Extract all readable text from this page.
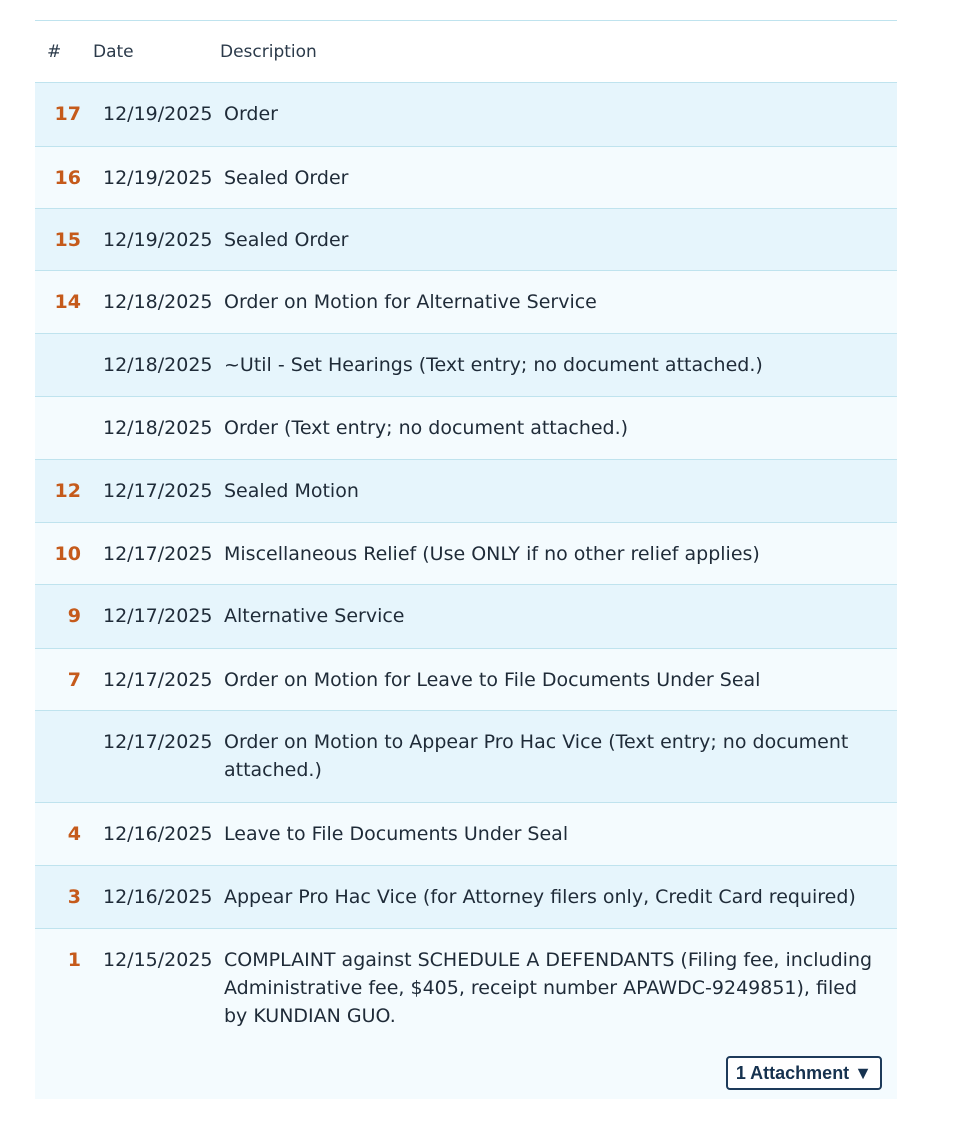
#	Date	Description
17	12/19/2025 Order
16	12/19/2025 Sealed Order
15	12/19/2025 Sealed Order
14	12/18/2025 Order on Motion for Alternative Service
12/18/2025 ~Util - Set Hearings (Text entry; no document attached.)
12/18/2025 Order (Text entry; no document attached.)
12	12/17/2025 Sealed Motion
10	12/17/2025 Miscellaneous Relief (Use ONLY if no other relief applies)
9	12/17/2025 Alternative Service
7	12/17/2025 Order on Motion for Leave to File Documents Under Seal
12/17/2025 Order on Motion to Appear Pro Hac Vice (Text entry; no document attached.)
4	12/16/2025 Leave to File Documents Under Seal
3	12/16/2025 Appear Pro Hac Vice (for Attorney filers only, Credit Card required)
1	12/15/2025 COMPLAINT against SCHEDULE A DEFENDANTS (Filing fee, including Administrative fee, $405, receipt number APAWDC-9249851), filed by KUNDIAN GUO.
1 Attachment ▼
